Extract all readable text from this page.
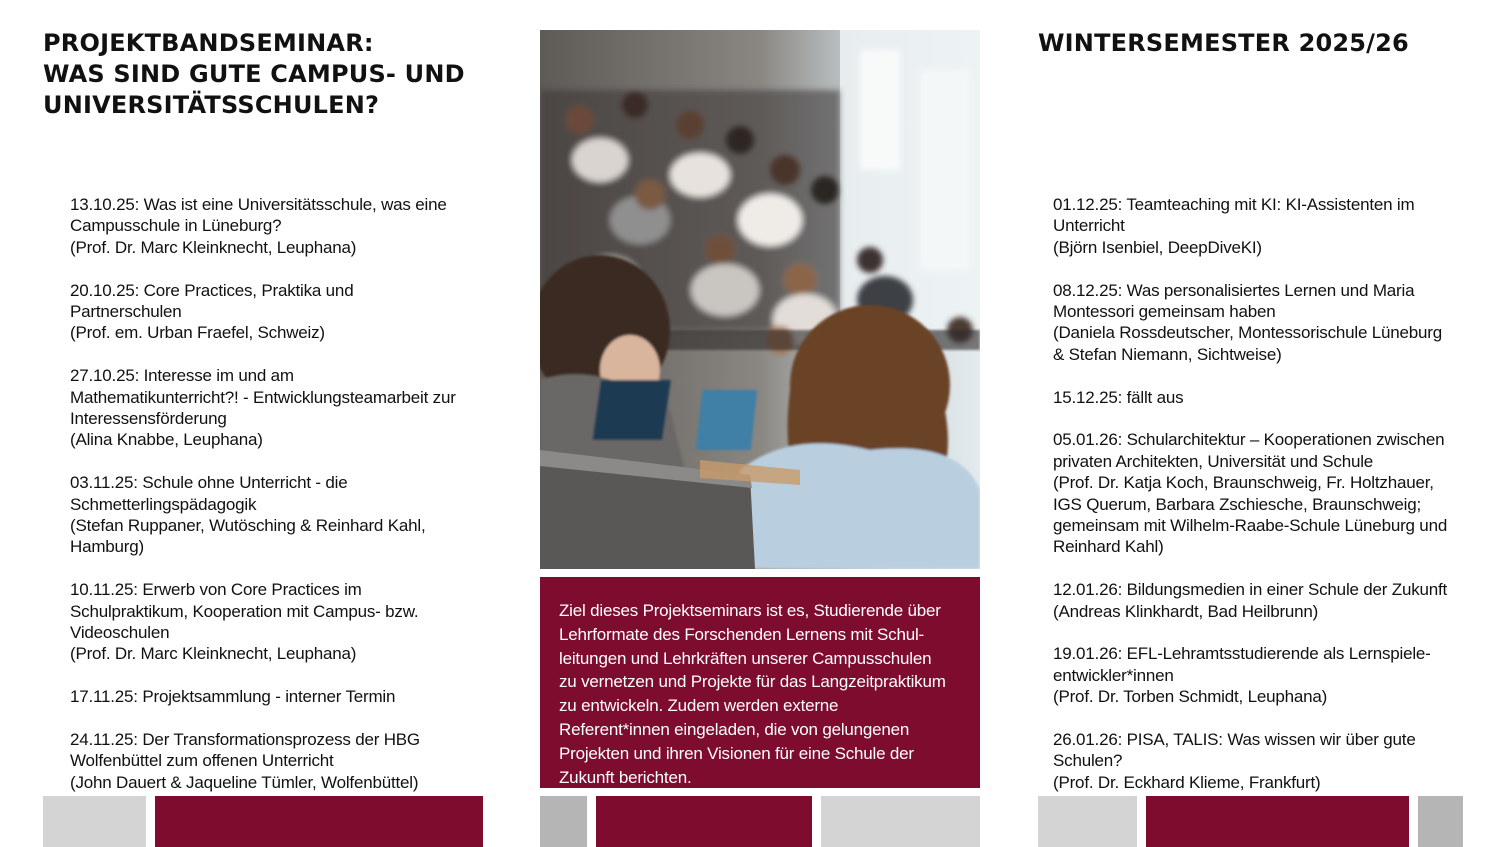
PROJEKTBANDSEMINAR:
WAS SIND GUTE CAMPUS- UND
UNIVERSITÄTSSCHULEN?
WINTERSEMESTER 2025/26
13.10.25: Was ist eine Universitätsschule, was eine
Campusschule in Lüneburg?
(Prof. Dr. Marc Kleinknecht, Leuphana)
20.10.25: Core Practices, Praktika und
Partnerschulen
(Prof. em. Urban Fraefel, Schweiz)
27.10.25: Interesse im und am
Mathematikunterricht?! - Entwicklungsteamarbeit zur
Interessensförderung
(Alina Knabbe, Leuphana)
03.11.25: Schule ohne Unterricht - die
Schmetterlingspädagogik
(Stefan Ruppaner, Wutösching & Reinhard Kahl,
Hamburg)
10.11.25: Erwerb von Core Practices im
Schulpraktikum, Kooperation mit Campus- bzw.
Videoschulen
(Prof. Dr. Marc Kleinknecht, Leuphana)
17.11.25: Projektsammlung - interner Termin
24.11.25: Der Transformationsprozess der HBG
Wolfenbüttel zum offenen Unterricht
(John Dauert & Jaqueline Tümler, Wolfenbüttel)
01.12.25: Teamteaching mit KI: KI-Assistenten im
Unterricht
(Björn Isenbiel, DeepDiveKI)
08.12.25: Was personalisiertes Lernen und Maria
Montessori gemeinsam haben
(Daniela Rossdeutscher, Montessorischule Lüneburg
& Stefan Niemann, Sichtweise)
15.12.25: fällt aus
05.01.26: Schularchitektur – Kooperationen zwischen
privaten Architekten, Universität und Schule
(Prof. Dr. Katja Koch, Braunschweig, Fr. Holtzhauer,
IGS Querum, Barbara Zschiesche, Braunschweig;
gemeinsam mit Wilhelm-Raabe-Schule Lüneburg und
Reinhard Kahl)
12.01.26: Bildungsmedien in einer Schule der Zukunft
(Andreas Klinkhardt, Bad Heilbrunn)
19.01.26: EFL-Lehramtsstudierende als Lernspiele-
entwickler*innen
(Prof. Dr. Torben Schmidt, Leuphana)
26.01.26: PISA, TALIS: Was wissen wir über gute
Schulen?
(Prof. Dr. Eckhard Klieme, Frankfurt)

Ziel dieses Projektseminars ist es, Studierende über Lehrformate des Forschenden Lernens mit Schul-leitungen und Lehrkräften unserer Campusschulen zu vernetzen und Projekte für das Langzeitpraktikum zu entwickeln. Zudem werden externe Referent*innen eingeladen, die von gelungenen Projekten und ihren Visionen für eine Schule der Zukunft berichten.
